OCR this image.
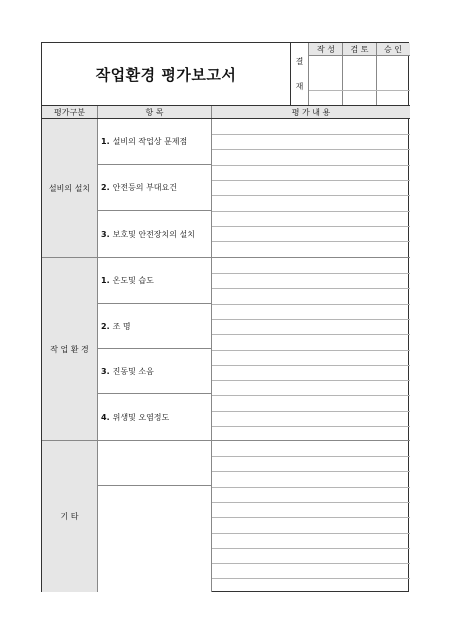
작업환경 평가보고서
결
재
작 성	검 토	승 인
평가구분	항 목	평 가 내 용
설비의 설치
1. 설비의 작업상 문제점
2. 안전등의 부대요건
3. 보호및 안전장치의 설치
작 업 환 경
1. 온도및 습도
2. 조 명
3. 진동및 소음
4. 위생및 오염정도
기 타
